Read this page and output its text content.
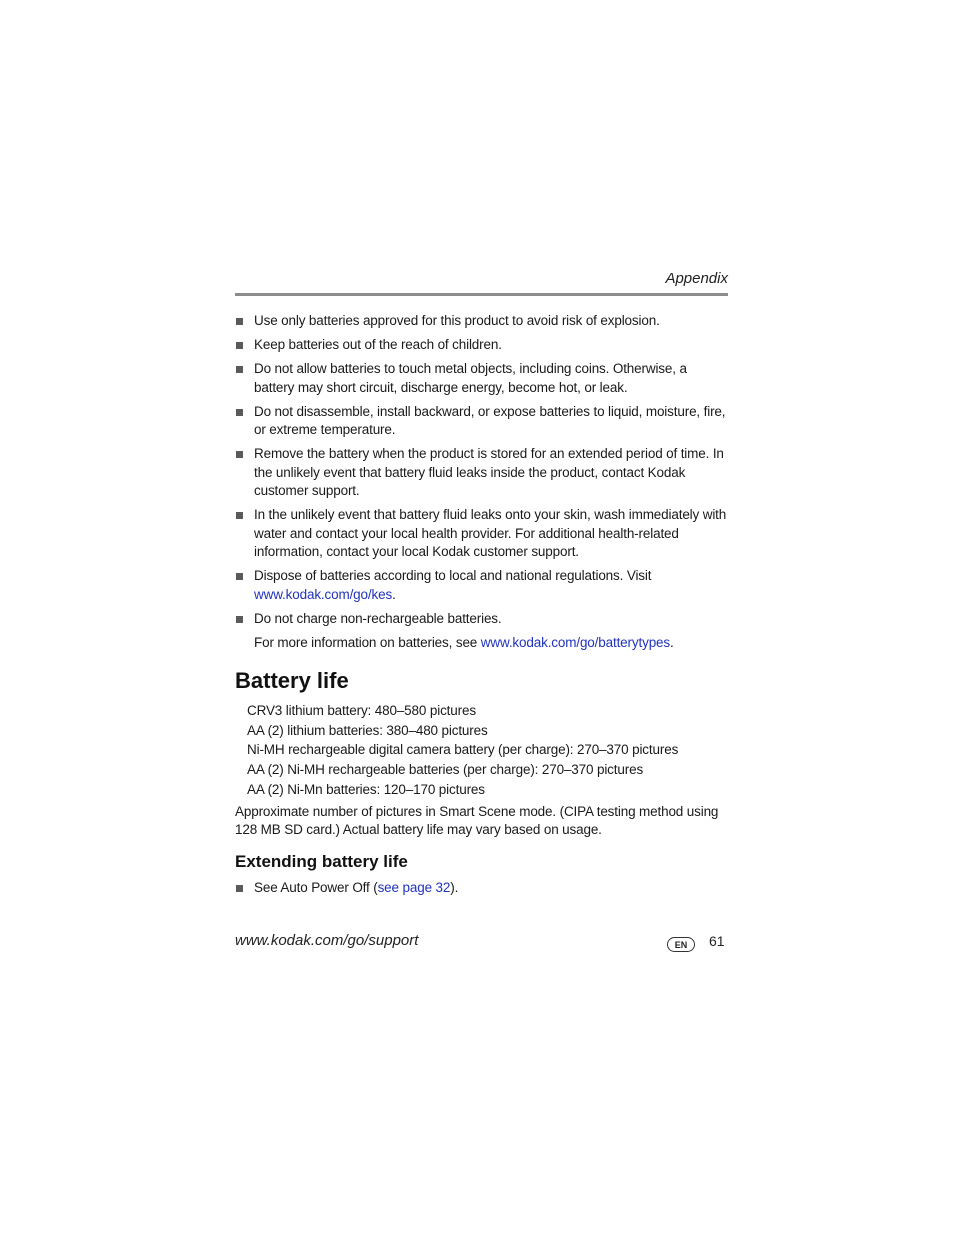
Appendix
Use only batteries approved for this product to avoid risk of explosion.
Keep batteries out of the reach of children.
Do not allow batteries to touch metal objects, including coins. Otherwise, a battery may short circuit, discharge energy, become hot, or leak.
Do not disassemble, install backward, or expose batteries to liquid, moisture, fire, or extreme temperature.
Remove the battery when the product is stored for an extended period of time. In the unlikely event that battery fluid leaks inside the product, contact Kodak customer support.
In the unlikely event that battery fluid leaks onto your skin, wash immediately with water and contact your local health provider. For additional health-related information, contact your local Kodak customer support.
Dispose of batteries according to local and national regulations. Visit www.kodak.com/go/kes.
Do not charge non-rechargeable batteries.
For more information on batteries, see www.kodak.com/go/batterytypes.
Battery life
CRV3 lithium battery: 480–580 pictures
AA (2) lithium batteries: 380–480 pictures
Ni-MH rechargeable digital camera battery (per charge): 270–370 pictures
AA (2) Ni-MH rechargeable batteries (per charge): 270–370 pictures
AA (2) Ni-Mn batteries: 120–170 pictures
Approximate number of pictures in Smart Scene mode. (CIPA testing method using 128 MB SD card.) Actual battery life may vary based on usage.
Extending battery life
See Auto Power Off (see page 32).
www.kodak.com/go/support	EN	61
